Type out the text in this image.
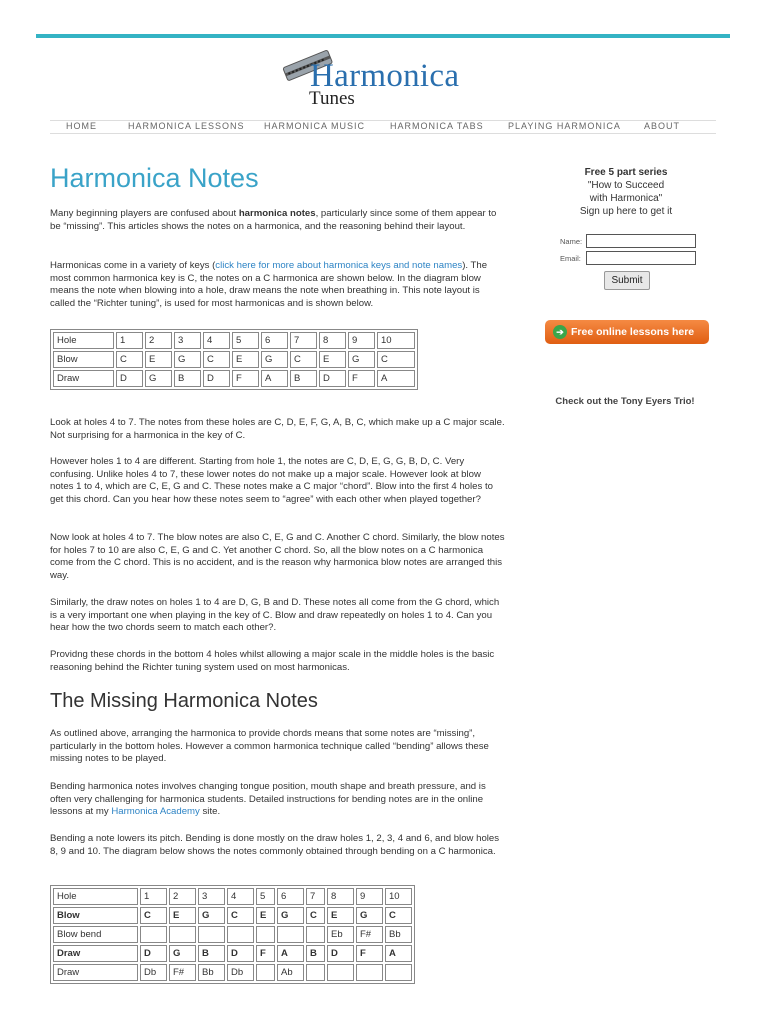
Harmonica
Tunes
HOME	HARMONICA LESSONS HARMONICA MUSIC	HARMONICA TABS	PLAYING HARMONICA	ABOUT
Harmonica Notes

Many beginning players are confused about harmonica notes, particularly since some of them appear to be “missing”. This articles shows the notes on a harmonica, and the reasoning behind their layout.

Harmonicas come in a variety of keys (click here for more about harmonica keys and note names). The most common harmonica key is C, the notes on a C harmonica are shown below. In the diagram blow means the note when blowing into a hole, draw means the note when breathing in. This note layout is called the “Richter tuning”, is used for most harmonicas and is shown below.

Hole	1	2	3	4	5	6	7	8	9	10
Blow	C	E	G	C	E	G	C	E	G	C
Draw	D	G	B	D	F	A	B	D	F	A

Look at holes 4 to 7. The notes from these holes are C, D, E, F, G, A, B, C, which make up a C major scale. Not surprising for a harmonica in the key of C.

However holes 1 to 4 are different. Starting from hole 1, the notes are C, D, E, G, G, B, D, C. Very confusing. Unlike holes 4 to 7, these lower notes do not make up a major scale. However look at blow notes 1 to 4, which are C, E, G and C. These notes make a C major “chord”. Blow into the first 4 holes to get this chord. Can you hear how these notes seem to “agree” with each other when played together?

Now look at holes 4 to 7. The blow notes are also C, E, G and C. Another C chord. Similarly, the blow notes for holes 7 to 10 are also C, E, G and C. Yet another C chord. So, all the blow notes on a C harmonica come from the C chord. This is no accident, and is the reason why harmonica blow notes are arranged this way.

Similarly, the draw notes on holes 1 to 4 are D, G, B and D. These notes all come from the G chord, which is a very important one when playing in the key of C. Blow and draw repeatedly on holes 1 to 4. Can you hear how the two chords seem to match each other?.

Providng these chords in the bottom 4 holes whilst allowing a major scale in the middle holes is the basic reasoning behind the Richter tuning system used on most harmonicas.

The Missing Harmonica Notes

As outlined above, arranging the harmonica to provide chords means that some notes are “missing”, particularly in the bottom holes. However a common harmonica technique called “bending” allows these missing notes to be played.

Bending harmonica notes involves changing tongue position, mouth shape and breath pressure, and is often very challenging for harmonica students. Detailed instructions for bending notes are in the online lessons at my Harmonica Academy site.

Bending a note lowers its pitch. Bending is done mostly on the draw holes 1, 2, 3, 4 and 6, and blow holes 8, 9 and 10. The diagram below shows the notes commonly obtained through bending on a C harmonica.

Hole	1	2	3	4	5	6	7	8	9	10
Blow	C	E	G	C	E	G	C	E	G	C
Blow bend								Eb	F#	Bb
Draw	D	G	B	D	F	A	B	D	F	A
Draw	Db	F#	Bb	Db		Ab				
Free 5 part series
"How to Succeed
with Harmonica"
Sign up here to get it
Name:
Email:
Submit
➔ Free online lessons here
Check out the Tony Eyers Trio!
